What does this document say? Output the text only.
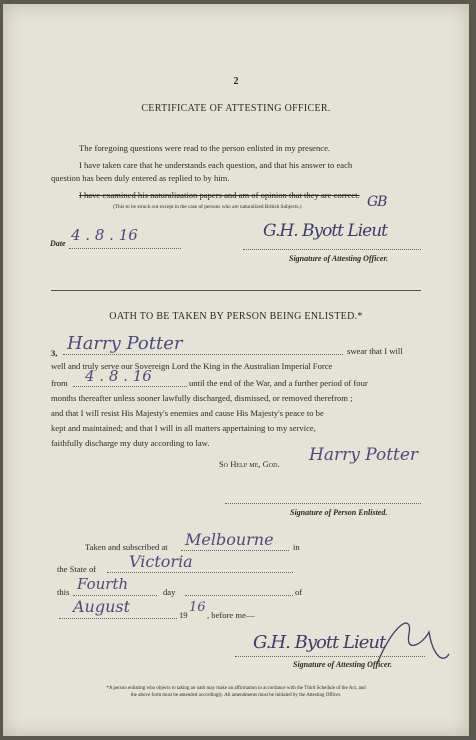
2
CERTIFICATE OF ATTESTING OFFICER.
The foregoing questions were read to the person enlisted in my presence.
I have taken care that he understands each question, and that his answer to each
question has been duly entered as replied to by him.
I have examined his naturalization papers and am of opinion that they are correct.
(This to be struck out except in the case of persons who are naturalized British Subjects.)	GB
Date 4 . 8 . 16	G.H. Byott Lieut
Signature of Attesting Officer.
OATH TO BE TAKEN BY PERSON BEING ENLISTED.*
3, Harry Potter	swear that I will
well and truly serve our Sovereign Lord the King in the Australian Imperial Force
from 4 . 8 . 16	until the end of the War, and a further period of four
months thereafter unless sooner lawfully discharged, dismissed, or removed therefrom ;
and that I will resist His Majesty's enemies and cause His Majesty's peace to be
kept and maintained; and that I will in all matters appertaining to my service,
faithfully discharge my duty according to law.
So Help me, God. Harry Potter
Signature of Person Enlisted.
Taken and subscribed at Melbourne in
the State of Victoria
this Fourth	day	of
August	19 16 , before me—
G.H. Byott Lieut
Signature of Attesting Officer.
*A person enlisting who objects to taking an oath may make an affirmation in accordance with the Third Schedule of the Act, and
the above form must be amended accordingly. All amendments must be initialed by the Attesting Officer.
